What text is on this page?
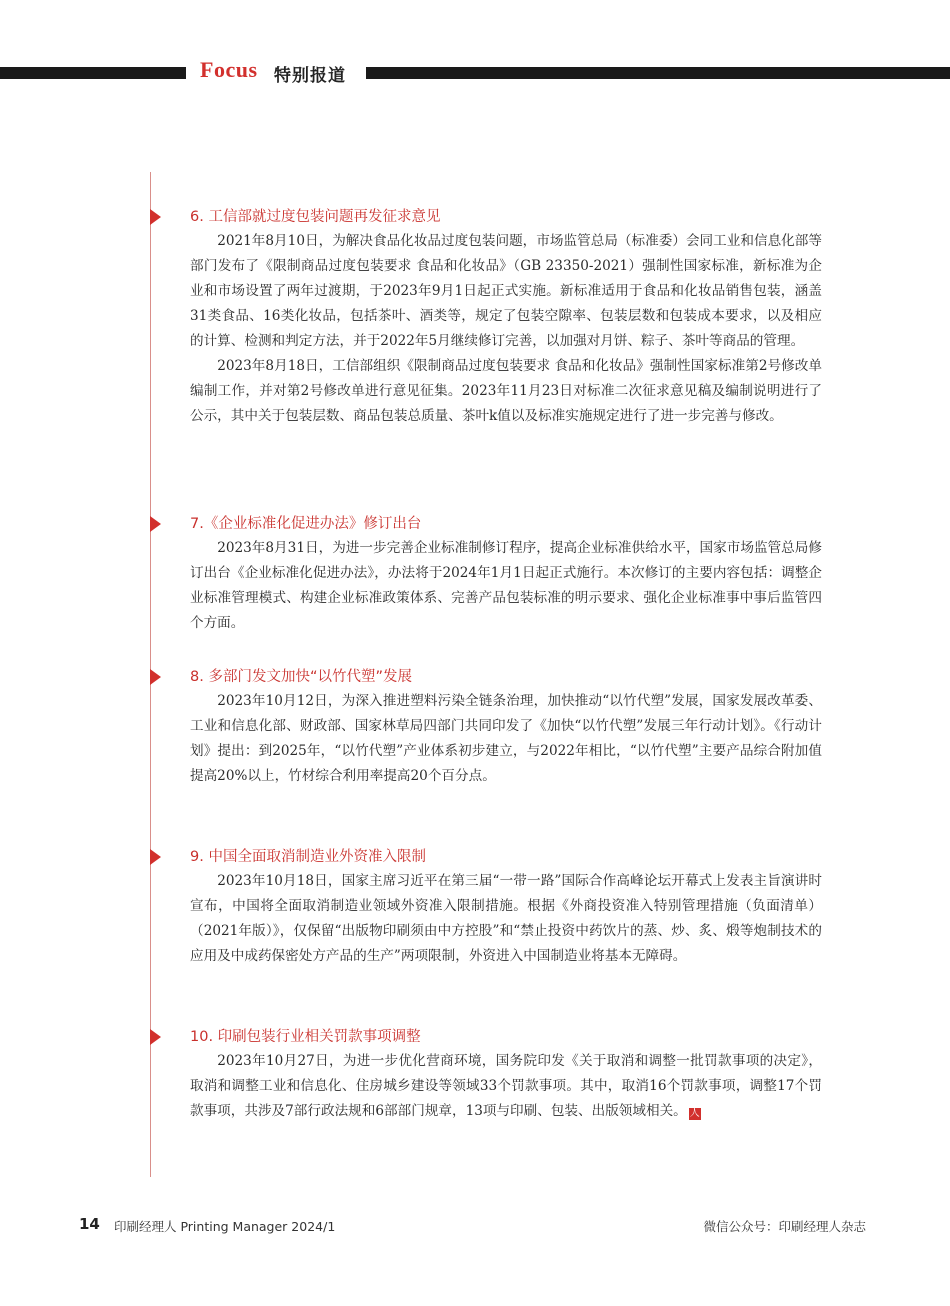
Focus 特别报道
6. 工信部就过度包装问题再发征求意见

2021年8月10日，为解决食品化妆品过度包装问题，市场监管总局（标准委）会同工业和信息化部等部门发布了《限制商品过度包装要求 食品和化妆品》（GB 23350-2021）强制性国家标准，新标准为企业和市场设置了两年过渡期，于2023年9月1日起正式实施。新标准适用于食品和化妆品销售包装，涵盖31类食品、16类化妆品，包括茶叶、酒类等，规定了包装空隙率、包装层数和包装成本要求，以及相应的计算、检测和判定方法，并于2022年5月继续修订完善，以加强对月饼、粽子、茶叶等商品的管理。

2023年8月18日，工信部组织《限制商品过度包装要求 食品和化妆品》强制性国家标准第2号修改单编制工作，并对第2号修改单进行意见征集。2023年11月23日对标准二次征求意见稿及编制说明进行了公示，其中关于包装层数、商品包装总质量、茶叶k值以及标准实施规定进行了进一步完善与修改。

7.《企业标准化促进办法》修订出台

2023年8月31日，为进一步完善企业标准制修订程序，提高企业标准供给水平，国家市场监管总局修订出台《企业标准化促进办法》，办法将于2024年1月1日起正式施行。本次修订的主要内容包括：调整企业标准管理模式、构建企业标准政策体系、完善产品包装标准的明示要求、强化企业标准事中事后监管四个方面。

8. 多部门发文加快“以竹代塑”发展

2023年10月12日，为深入推进塑料污染全链条治理，加快推动“以竹代塑”发展，国家发展改革委、工业和信息化部、财政部、国家林草局四部门共同印发了《加快“以竹代塑”发展三年行动计划》。《行动计划》提出：到2025年，“以竹代塑”产业体系初步建立，与2022年相比，“以竹代塑”主要产品综合附加值提高20%以上，竹材综合利用率提高20个百分点。

9. 中国全面取消制造业外资准入限制

2023年10月18日，国家主席习近平在第三届“一带一路”国际合作高峰论坛开幕式上发表主旨演讲时宣布，中国将全面取消制造业领域外资准入限制措施。根据《外商投资准入特别管理措施（负面清单）（2021年版）》，仅保留“出版物印刷须由中方控股”和“禁止投资中药饮片的蒸、炒、炙、煅等炮制技术的应用及中成药保密处方产品的生产”两项限制，外资进入中国制造业将基本无障碍。

10. 印刷包装行业相关罚款事项调整

2023年10月27日，为进一步优化营商环境，国务院印发《关于取消和调整一批罚款事项的决定》，取消和调整工业和信息化、住房城乡建设等领域33个罚款事项。其中，取消16个罚款事项，调整17个罚款事项，共涉及7部行政法规和6部部门规章，13项与印刷、包装、出版领域相关。 人

14 印刷经理人 Printing Manager 2024/1	微信公众号：印刷经理人杂志
